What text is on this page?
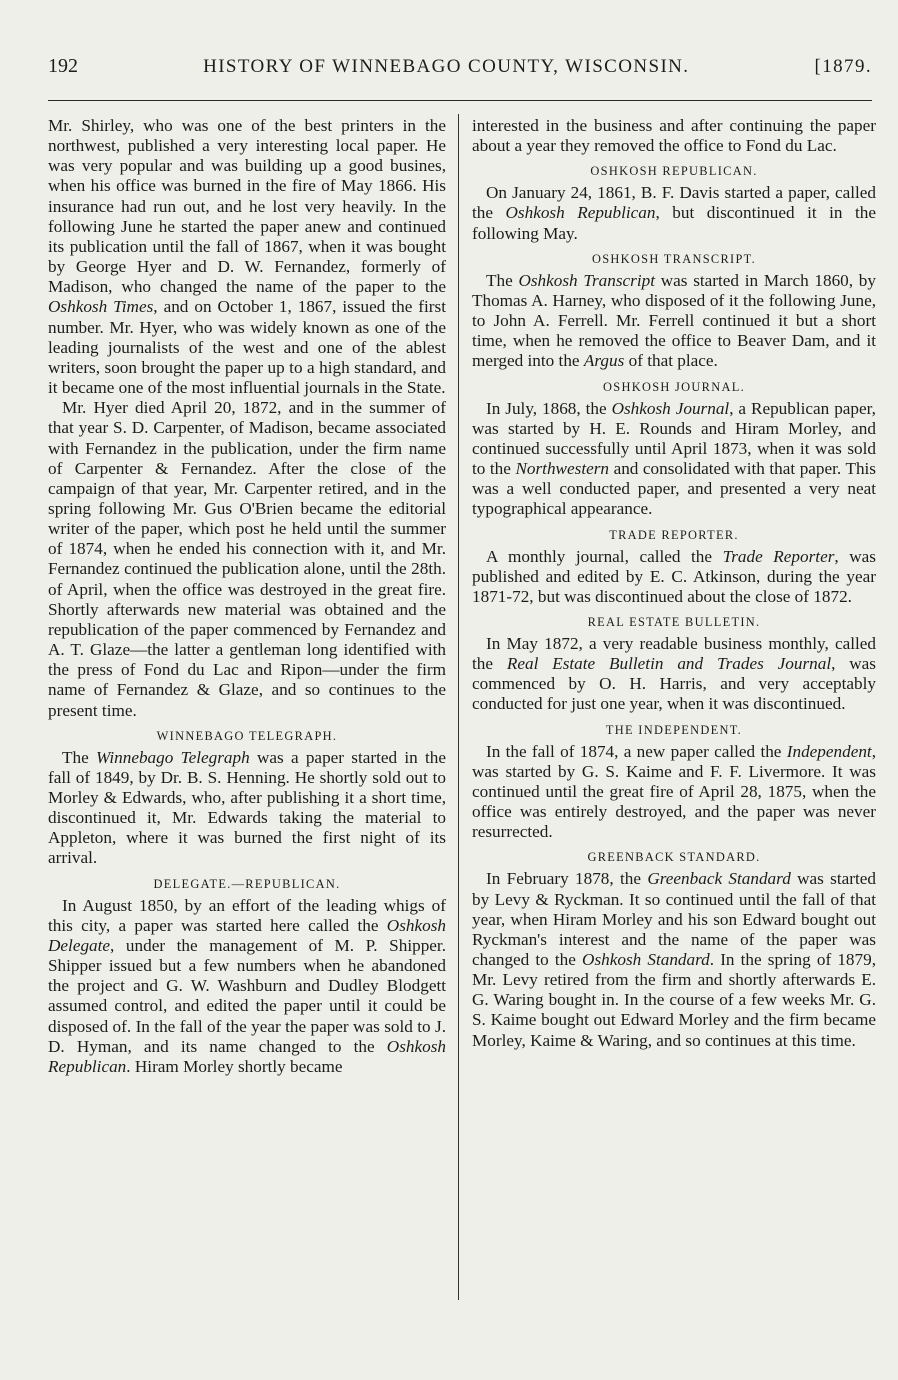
192	HISTORY OF WINNEBAGO COUNTY, WISCONSIN.	[1879.

Mr. Shirley, who was one of the best printers in the northwest, published a very interesting local paper. He was very popular and was building up a good busines, when his office was burned in the fire of May 1866. His insurance had run out, and he lost very heavily. In the following June he started the paper anew and continued its publication until the fall of 1867, when it was bought by George Hyer and D. W. Fernandez, formerly of Madison, who changed the name of the paper to the Oshkosh Times, and on October 1, 1867, issued the first number. Mr. Hyer, who was widely known as one of the leading journalists of the west and one of the ablest writers, soon brought the paper up to a high standard, and it became one of the most influential journals in the State.

Mr. Hyer died April 20, 1872, and in the summer of that year S. D. Carpenter, of Madison, became associated with Fernandez in the publication, under the firm name of Carpenter & Fernandez. After the close of the campaign of that year, Mr. Carpenter retired, and in the spring following Mr. Gus O'Brien became the editorial writer of the paper, which post he held until the summer of 1874, when he ended his connection with it, and Mr. Fernandez continued the publication alone, until the 28th. of April, when the office was destroyed in the great fire. Shortly afterwards new material was obtained and the republication of the paper commenced by Fernandez and A. T. Glaze—the latter a gentleman long identified with the press of Fond du Lac and Ripon—under the firm name of Fernandez & Glaze, and so continues to the present time.

WINNEBAGO TELEGRAPH.

The Winnebago Telegraph was a paper started in the fall of 1849, by Dr. B. S. Henning. He shortly sold out to Morley & Edwards, who, after publishing it a short time, discontinued it, Mr. Edwards taking the material to Appleton, where it was burned the first night of its arrival.

DELEGATE.—REPUBLICAN.

In August 1850, by an effort of the leading whigs of this city, a paper was started here called the Oshkosh Delegate, under the management of M. P. Shipper. Shipper issued but a few numbers when he abandoned the project and G. W. Washburn and Dudley Blodgett assumed control, and edited the paper until it could be disposed of. In the fall of the year the paper was sold to J. D. Hyman, and its name changed to the Oshkosh Republican. Hiram Morley shortly became

interested in the business and after continuing the paper about a year they removed the office to Fond du Lac.

OSHKOSH REPUBLICAN.

On January 24, 1861, B. F. Davis started a paper, called the Oshkosh Republican, but discontinued it in the following May.

OSHKOSH TRANSCRIPT.

The Oshkosh Transcript was started in March 1860, by Thomas A. Harney, who disposed of it the following June, to John A. Ferrell. Mr. Ferrell continued it but a short time, when he removed the office to Beaver Dam, and it merged into the Argus of that place.

OSHKOSH JOURNAL.

In July, 1868, the Oshkosh Journal, a Republican paper, was started by H. E. Rounds and Hiram Morley, and continued successfully until April 1873, when it was sold to the Northwestern and consolidated with that paper. This was a well conducted paper, and presented a very neat typographical appearance.

TRADE REPORTER.

A monthly journal, called the Trade Reporter, was published and edited by E. C. Atkinson, during the year 1871-72, but was discontinued about the close of 1872.

REAL ESTATE BULLETIN.

In May 1872, a very readable business monthly, called the Real Estate Bulletin and Trades Journal, was commenced by O. H. Harris, and very acceptably conducted for just one year, when it was discontinued.

THE INDEPENDENT.

In the fall of 1874, a new paper called the Independent, was started by G. S. Kaime and F. F. Livermore. It was continued until the great fire of April 28, 1875, when the office was entirely destroyed, and the paper was never resurrected.

GREENBACK STANDARD.

In February 1878, the Greenback Standard was started by Levy & Ryckman. It so continued until the fall of that year, when Hiram Morley and his son Edward bought out Ryckman's interest and the name of the paper was changed to the Oshkosh Standard. In the spring of 1879, Mr. Levy retired from the firm and shortly afterwards E. G. Waring bought in. In the course of a few weeks Mr. G. S. Kaime bought out Edward Morley and the firm became Morley, Kaime & Waring, and so continues at this time.
